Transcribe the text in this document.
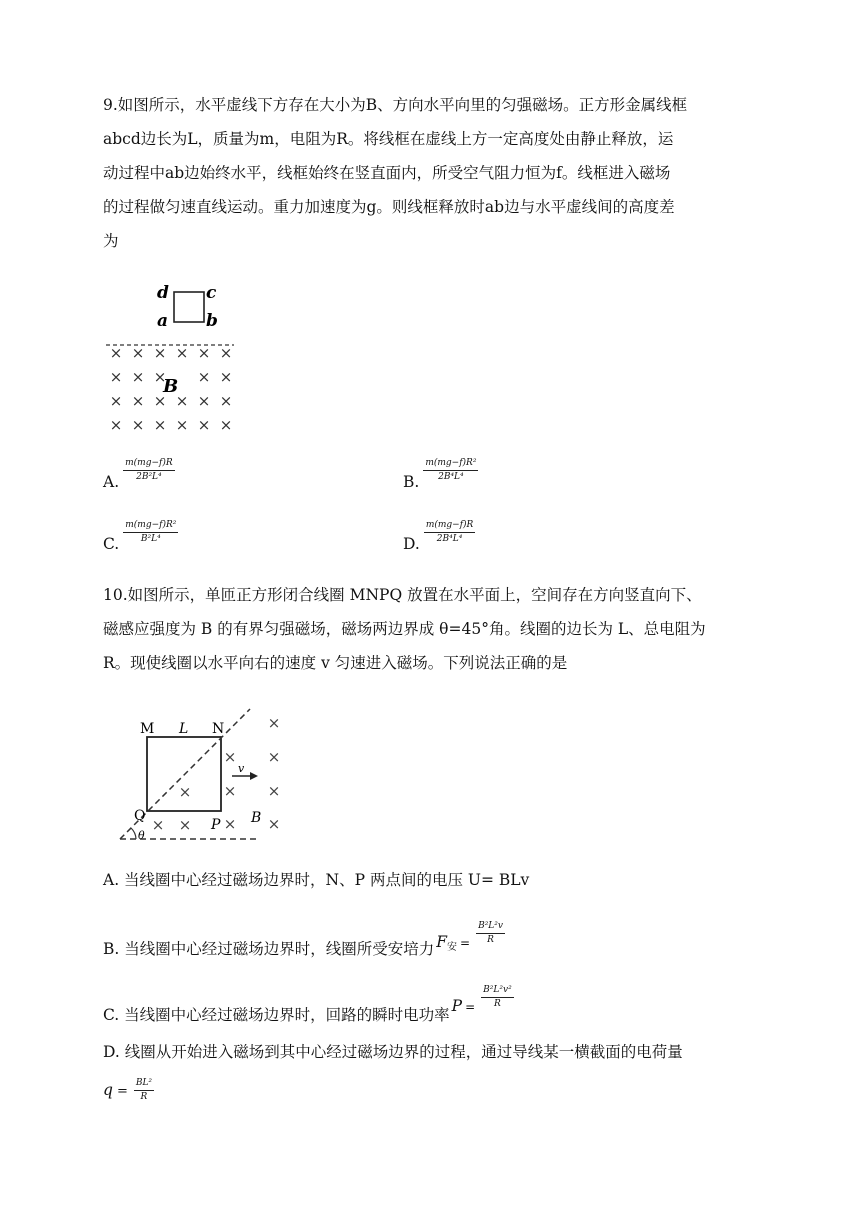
9.如图所示，水平虚线下方存在大小为B、方向水平向里的匀强磁场。正方形金属线框

abcd边长为L，质量为m，电阻为R。将线框在虚线上方一定高度处由静止释放，运

动过程中ab边始终水平，线框始终在竖直面内，所受空气阻力恒为f。线框进入磁场

的过程做匀速直线运动。重力加速度为g。则线框释放时ab边与水平虚线间的高度差

为

d c
a b
× × × × × ×
× × × × ×
× × × × × ×
× × × × × ×
B
A. $\frac{m(mg-f)R}{\text{2B²L⁴}}$	B. $\frac{\text{m(mg−f)R²}}{\text{2B⁴L⁴}}$
C. $\frac{\text{m(mg−f)R²}}{\text{B²L⁴}}$	D. $\frac{m(mg-f)R}{\text{2B⁴L⁴}}$

10.如图所示，单匝正方形闭合线圈 MNPQ 放置在水平面上，空间存在方向竖直向下、

磁感应强度为 B 的有界匀强磁场，磁场两边界成 θ=45°角。线圈的边长为 L、总电阻为

R。现使线圈以水平向右的速度 v 匀速进入磁场。下列说法正确的是

θ
M L N
Q
P B
v
×
× ×
× ×
×
× ×
×
×
A. 当线圈中心经过磁场边界时，N、P 两点间的电压 U= BLv
B. 当线圈中心经过磁场边界时，线圈所受安培力 F 安 = $\frac{\text{B²L²v}}{R}$
C. 当线圈中心经过磁场边界时，回路的瞬时电功率 $P = \frac{\text{B²L²v²}}{R}$
D. 线圈从开始进入磁场到其中心经过磁场边界的过程，通过导线某一横截面的电荷量
$q = \frac{\text{BL²}}{R}$
